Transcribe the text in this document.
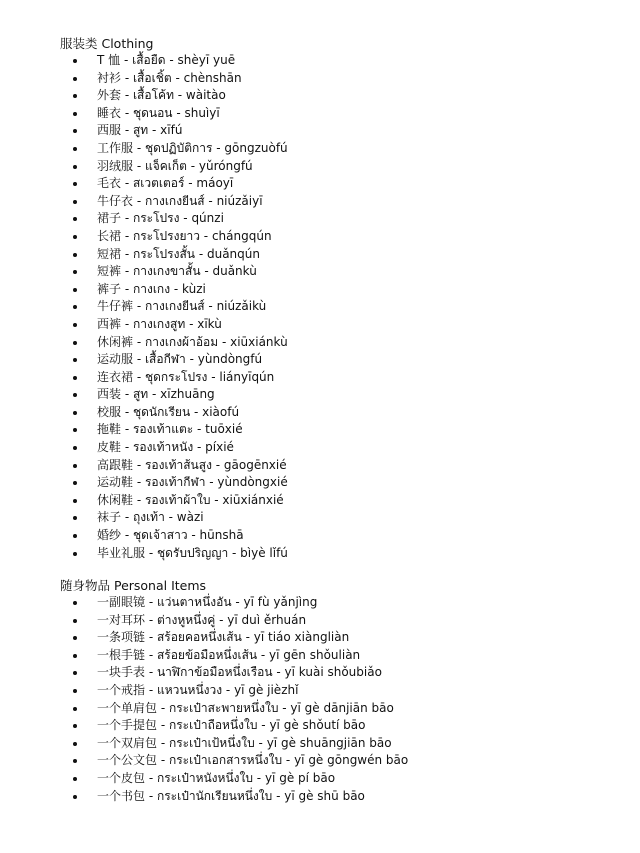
服装类 Clothing
T 恤 - เสื้อยืด - shèyī yuē
衬衫 - เสื้อเชิ้ต - chènshān
外套 - เสื้อโค้ท - wàitào
睡衣 - ชุดนอน - shuìyī
西服 - สูท - xīfú
工作服 - ชุดปฏิบัติการ - gōngzuòfú
羽绒服 - แจ็คเก็ต - yǔróngfú
毛衣 - สเวตเตอร์ - máoyī
牛仔衣 - กางเกงยีนส์ - niúzǎiyī
裙子 - กระโปรง - qúnzi
长裙 - กระโปรงยาว - chángqún
短裙 - กระโปรงสั้น - duǎnqún
短裤 - กางเกงขาสั้น - duǎnkù
裤子 - กางเกง - kùzi
牛仔裤 - กางเกงยีนส์ - niúzǎikù
西裤 - กางเกงสูท - xīkù
休闲裤 - กางเกงผ้าอ้อม - xiūxiánkù
运动服 - เสื้อกีฬา - yùndòngfú
连衣裙 - ชุดกระโปรง - liányīqún
西装 - สูท - xīzhuāng
校服 - ชุดนักเรียน - xiàofú
拖鞋 - รองเท้าแตะ - tuōxié
皮鞋 - รองเท้าหนัง - píxié
高跟鞋 - รองเท้าส้นสูง - gāogēnxié
运动鞋 - รองเท้ากีฬา - yùndòngxié
休闲鞋 - รองเท้าผ้าใบ - xiūxiánxié
袜子 - ถุงเท้า - wàzi
婚纱 - ชุดเจ้าสาว - hūnshā
毕业礼服 - ชุดรับปริญญา - bìyè lǐfú
随身物品 Personal Items
一副眼镜 - แว่นตาหนึ่งอัน - yī fù yǎnjìng
一对耳环 - ต่างหูหนึ่งคู่ - yī duì ěrhuán
一条项链 - สร้อยคอหนึ่งเส้น - yī tiáo xiàngliàn
一根手链 - สร้อยข้อมือหนึ่งเส้น - yī gēn shǒuliàn
一块手表 - นาฬิกาข้อมือหนึ่งเรือน - yī kuài shǒubiǎo
一个戒指 - แหวนหนึ่งวง - yī gè jièzhǐ
一个单肩包 - กระเป๋าสะพายหนึ่งใบ - yī gè dānjiān bāo
一个手提包 - กระเป๋าถือหนึ่งใบ - yī gè shǒutí bāo
一个双肩包 - กระเป๋าเป้หนึ่งใบ - yī gè shuāngjiān bāo
一个公文包 - กระเป๋าเอกสารหนึ่งใบ - yī gè gōngwén bāo
一个皮包 - กระเป๋าหนังหนึ่งใบ - yī gè pí bāo
一个书包 - กระเป๋านักเรียนหนึ่งใบ - yī gè shū bāo
